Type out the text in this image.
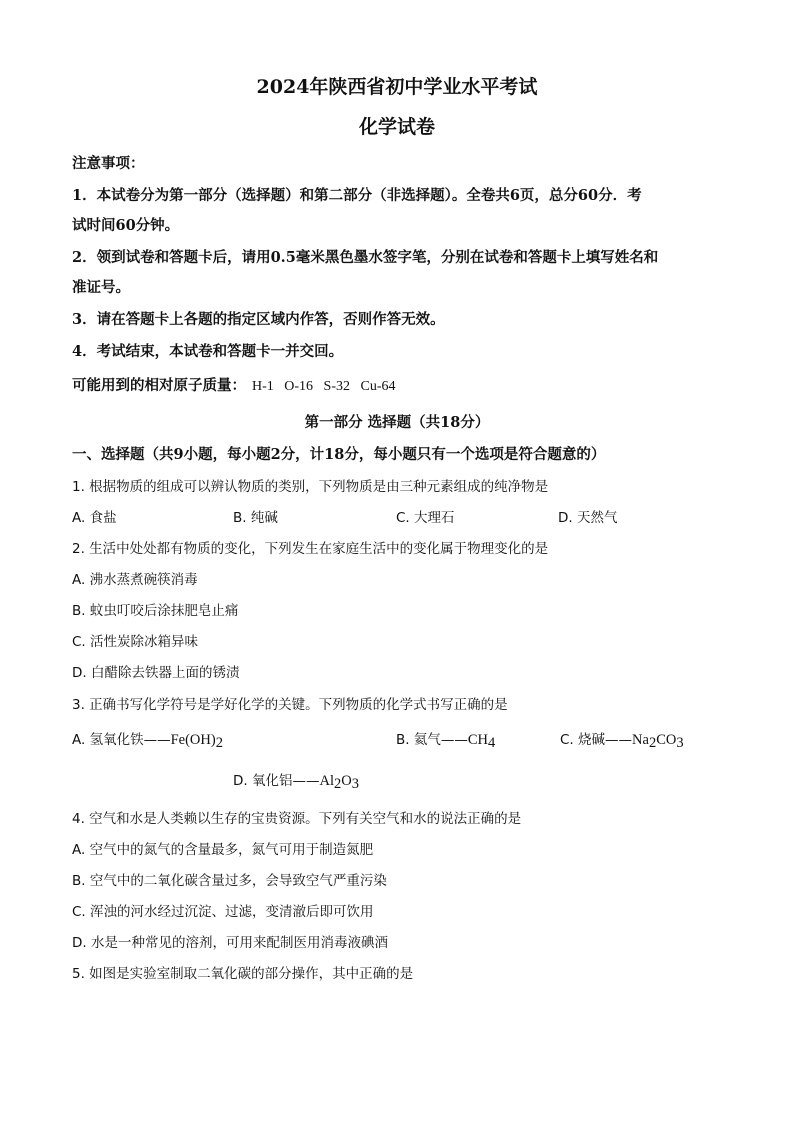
2024年陕西省初中学业水平考试
化学试卷
注意事项：
1．本试卷分为第一部分（选择题）和第二部分（非选择题）。全卷共6页，总分60分．考
试时间60分钟。
2．领到试卷和答题卡后，请用0.5毫米黑色墨水签字笔，分别在试卷和答题卡上填写姓名和
准证号。
3．请在答题卡上各题的指定区域内作答，否则作答无效。
4．考试结束，本试卷和答题卡一并交回。
可能用到的相对原子质量： H-1   O-16   S-32   Cu-64
第一部分 选择题（共18分）
一、选择题（共9小题，每小题2分，计18分，每小题只有一个选项是符合题意的）
1. 根据物质的组成可以辨认物质的类别，下列物质是由三种元素组成的纯净物是
A. 食盐	B. 纯碱	C. 大理石	D. 天然气
2. 生活中处处都有物质的变化，下列发生在家庭生活中的变化属于物理变化的是
A. 沸水蒸煮碗筷消毒
B. 蚊虫叮咬后涂抹肥皂止痛
C. 活性炭除冰箱异味
D. 白醋除去铁器上面的锈渍
3. 正确书写化学符号是学好化学的关键。下列物质的化学式书写正确的是
A. 氢氧化铁$——Fe(OH)_2$	B. 氦气$——CH_4$	C. 烧碱$——Na_2CO_3$
D. 氧化铝$——Al_2O_3$
4. 空气和水是人类赖以生存的宝贵资源。下列有关空气和水的说法正确的是
A. 空气中的氮气的含量最多，氮气可用于制造氮肥
B. 空气中的二氧化碳含量过多，会导致空气严重污染
C. 浑浊的河水经过沉淀、过滤，变清澈后即可饮用
D. 水是一种常见的溶剂，可用来配制医用消毒液碘酒
5. 如图是实验室制取二氧化碳的部分操作，其中正确的是
